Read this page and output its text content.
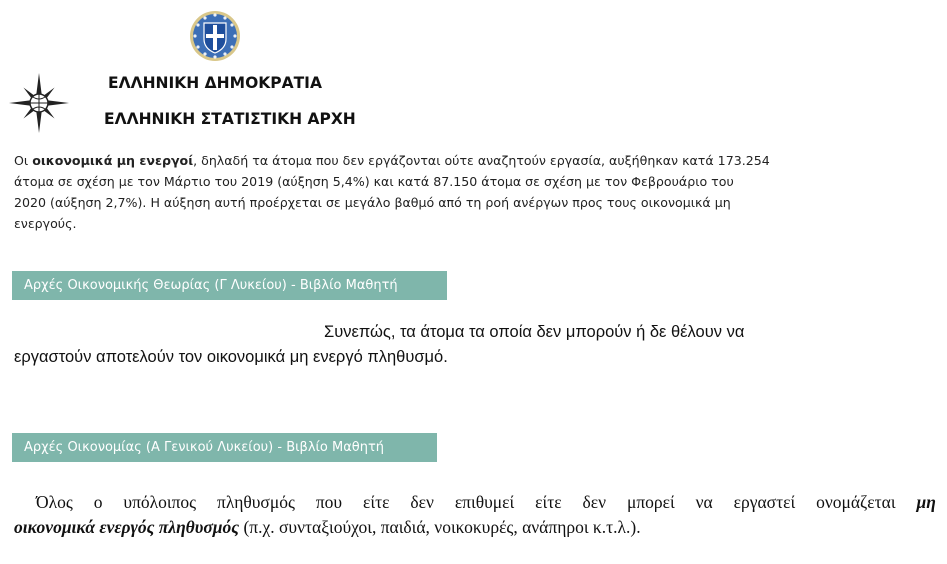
ΕΛΛΗΝΙΚΗ ΔΗΜΟΚΡΑΤΙΑ
ΕΛΛΗΝΙΚΗ ΣΤΑΤΙΣΤΙΚΗ ΑΡΧΗ
Οι οικονομικά μη ενεργοί, δηλαδή τα άτομα που δεν εργάζονται ούτε αναζητούν εργασία, αυξήθηκαν κατά 173.254
άτομα σε σχέση με τον Μάρτιο του 2019 (αύξηση 5,4%) και κατά 87.150 άτομα σε σχέση με τον Φεβρουάριο του
2020 (αύξηση 2,7%). Η αύξηση αυτή προέρχεται σε μεγάλο βαθμό από τη ροή ανέργων προς τους οικονομικά μη
ενεργούς.
Αρχές Οικονομικής Θεωρίας (Γ Λυκείου) - Βιβλίο Μαθητή
Συνεπώς, τα άτομα τα οποία δεν μπορούν ή δε θέλουν να
εργαστούν αποτελούν τον οικονομικά μη ενεργό πληθυσμό.
Αρχές Οικονομίας (Α Γενικού Λυκείου) - Βιβλίο Μαθητή
Όλος ο υπόλοιπος πληθυσμός που είτε δεν επιθυμεί είτε δεν μπορεί να εργαστεί ονομάζεται μη
οικονομικά ενεργός πληθυσμός (π.χ. συνταξιούχοι, παιδιά, νοικοκυρές, ανάπηροι κ.τ.λ.).
